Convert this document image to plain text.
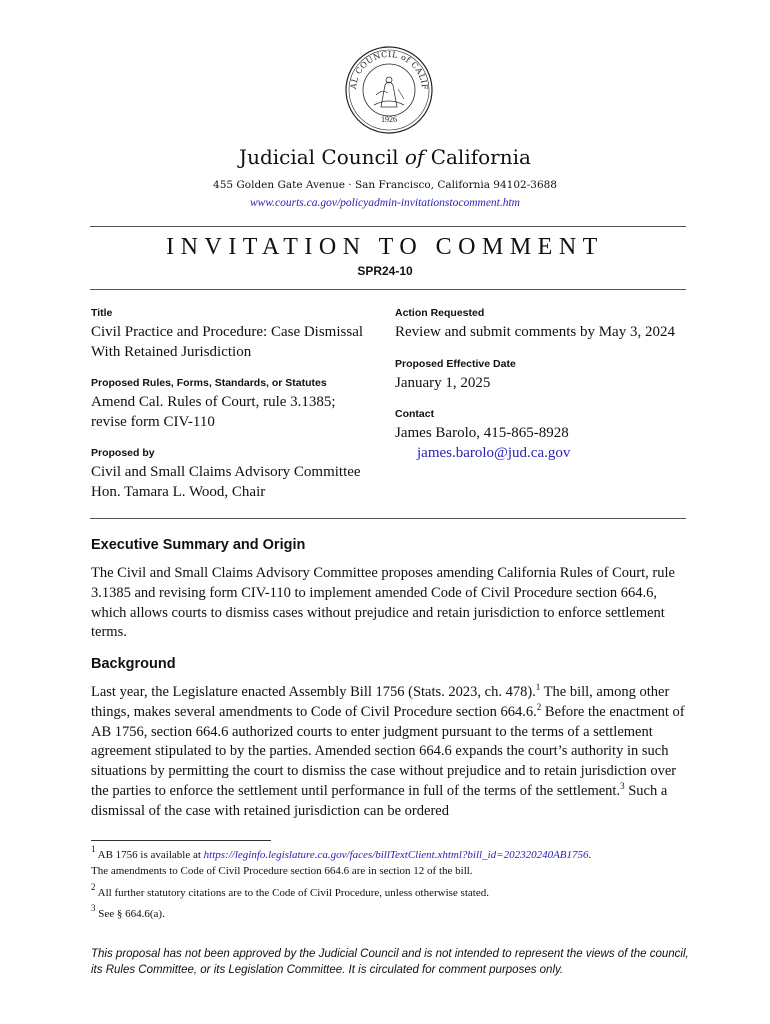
AL COUNCIL of CALIF
1926
Judicial Council of California
455 Golden Gate Avenue · San Francisco, California 94102-3688
www.courts.ca.gov/policyadmin-invitationstocomment.htm
INVITATION TO COMMENT
SPR24-10
Title
Civil Practice and Procedure: Case Dismissal
With Retained Jurisdiction
Proposed Rules, Forms, Standards, or Statutes
Amend Cal. Rules of Court, rule 3.1385;
revise form CIV-110
Proposed by
Civil and Small Claims Advisory Committee
Hon. Tamara L. Wood, Chair
Action Requested
Review and submit comments by May 3, 2024
Proposed Effective Date
January 1, 2025
Contact
James Barolo, 415-865-8928
james.barolo@jud.ca.gov
Executive Summary and Origin

The Civil and Small Claims Advisory Committee proposes amending California Rules of Court, rule 3.1385 and revising form CIV-110 to implement amended Code of Civil Procedure section 664.6, which allows courts to dismiss cases without prejudice and retain jurisdiction to enforce settlement terms.

Background

Last year, the Legislature enacted Assembly Bill 1756 (Stats. 2023, ch. 478).$^1$ The bill, among other things, makes several amendments to Code of Civil Procedure section 664.6.$^2$ Before the enactment of AB 1756, section 664.6 authorized courts to enter judgment pursuant to the terms of a settlement agreement stipulated to by the parties. Amended section 664.6 expands the court’s authority in such situations by permitting the court to dismiss the case without prejudice and to retain jurisdiction over the parties to enforce the settlement until performance in full of the terms of the settlement.$^3$ Such a dismissal of the case with retained jurisdiction can be ordered

$^1$ AB 1756 is available at https://leginfo.legislature.ca.gov/faces/billTextClient.xhtml?bill_id=202320240AB1756.
The amendments to Code of Civil Procedure section 664.6 are in section 12 of the bill.

$^2$ All further statutory citations are to the Code of Civil Procedure, unless otherwise stated.

$^3$ See § 664.6(a).

This proposal has not been approved by the Judicial Council and is not intended to represent the views of the council, its Rules Committee, or its Legislation Committee. It is circulated for comment purposes only.
